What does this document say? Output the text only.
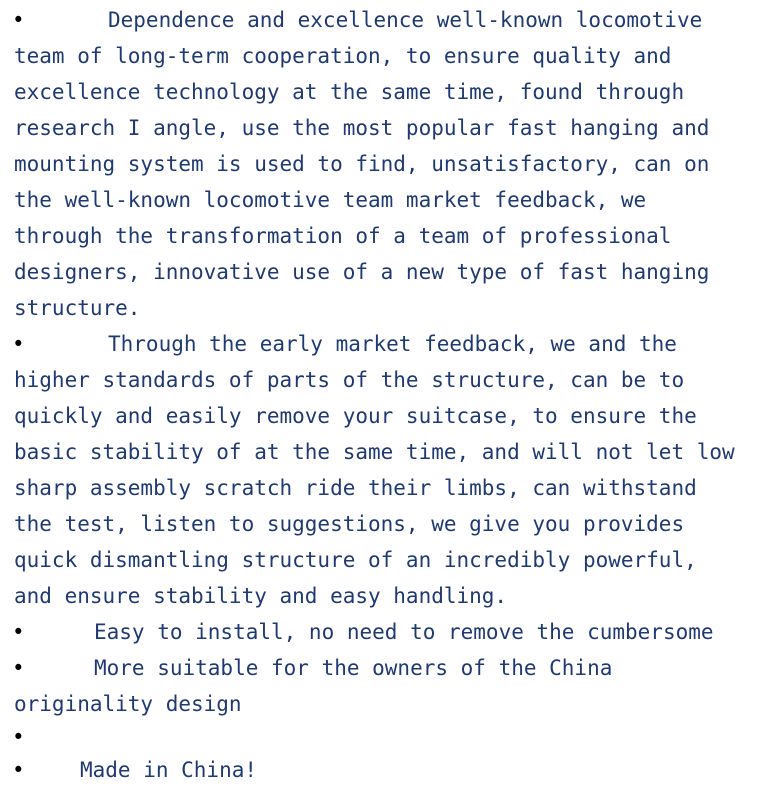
•	Dependence and excellence well-known locomotive
team of long-term cooperation, to ensure quality and
excellence technology at the same time, found through
research I angle, use the most popular fast hanging and
mounting system is used to find, unsatisfactory, can on
the well-known locomotive team market feedback, we
through the transformation of a team of professional
designers, innovative use of a new type of fast hanging
structure.
•	Through the early market feedback, we and the
higher standards of parts of the structure, can be to
quickly and easily remove your suitcase, to ensure the
basic stability of at the same time, and will not let low
sharp assembly scratch ride their limbs, can withstand
the test, listen to suggestions, we give you provides
quick dismantling structure of an incredibly powerful,
and ensure stability and easy handling.
•	Easy to install, no need to remove the cumbersome
•	More suitable for the owners of the China
originality design
•
•	Made in China!
